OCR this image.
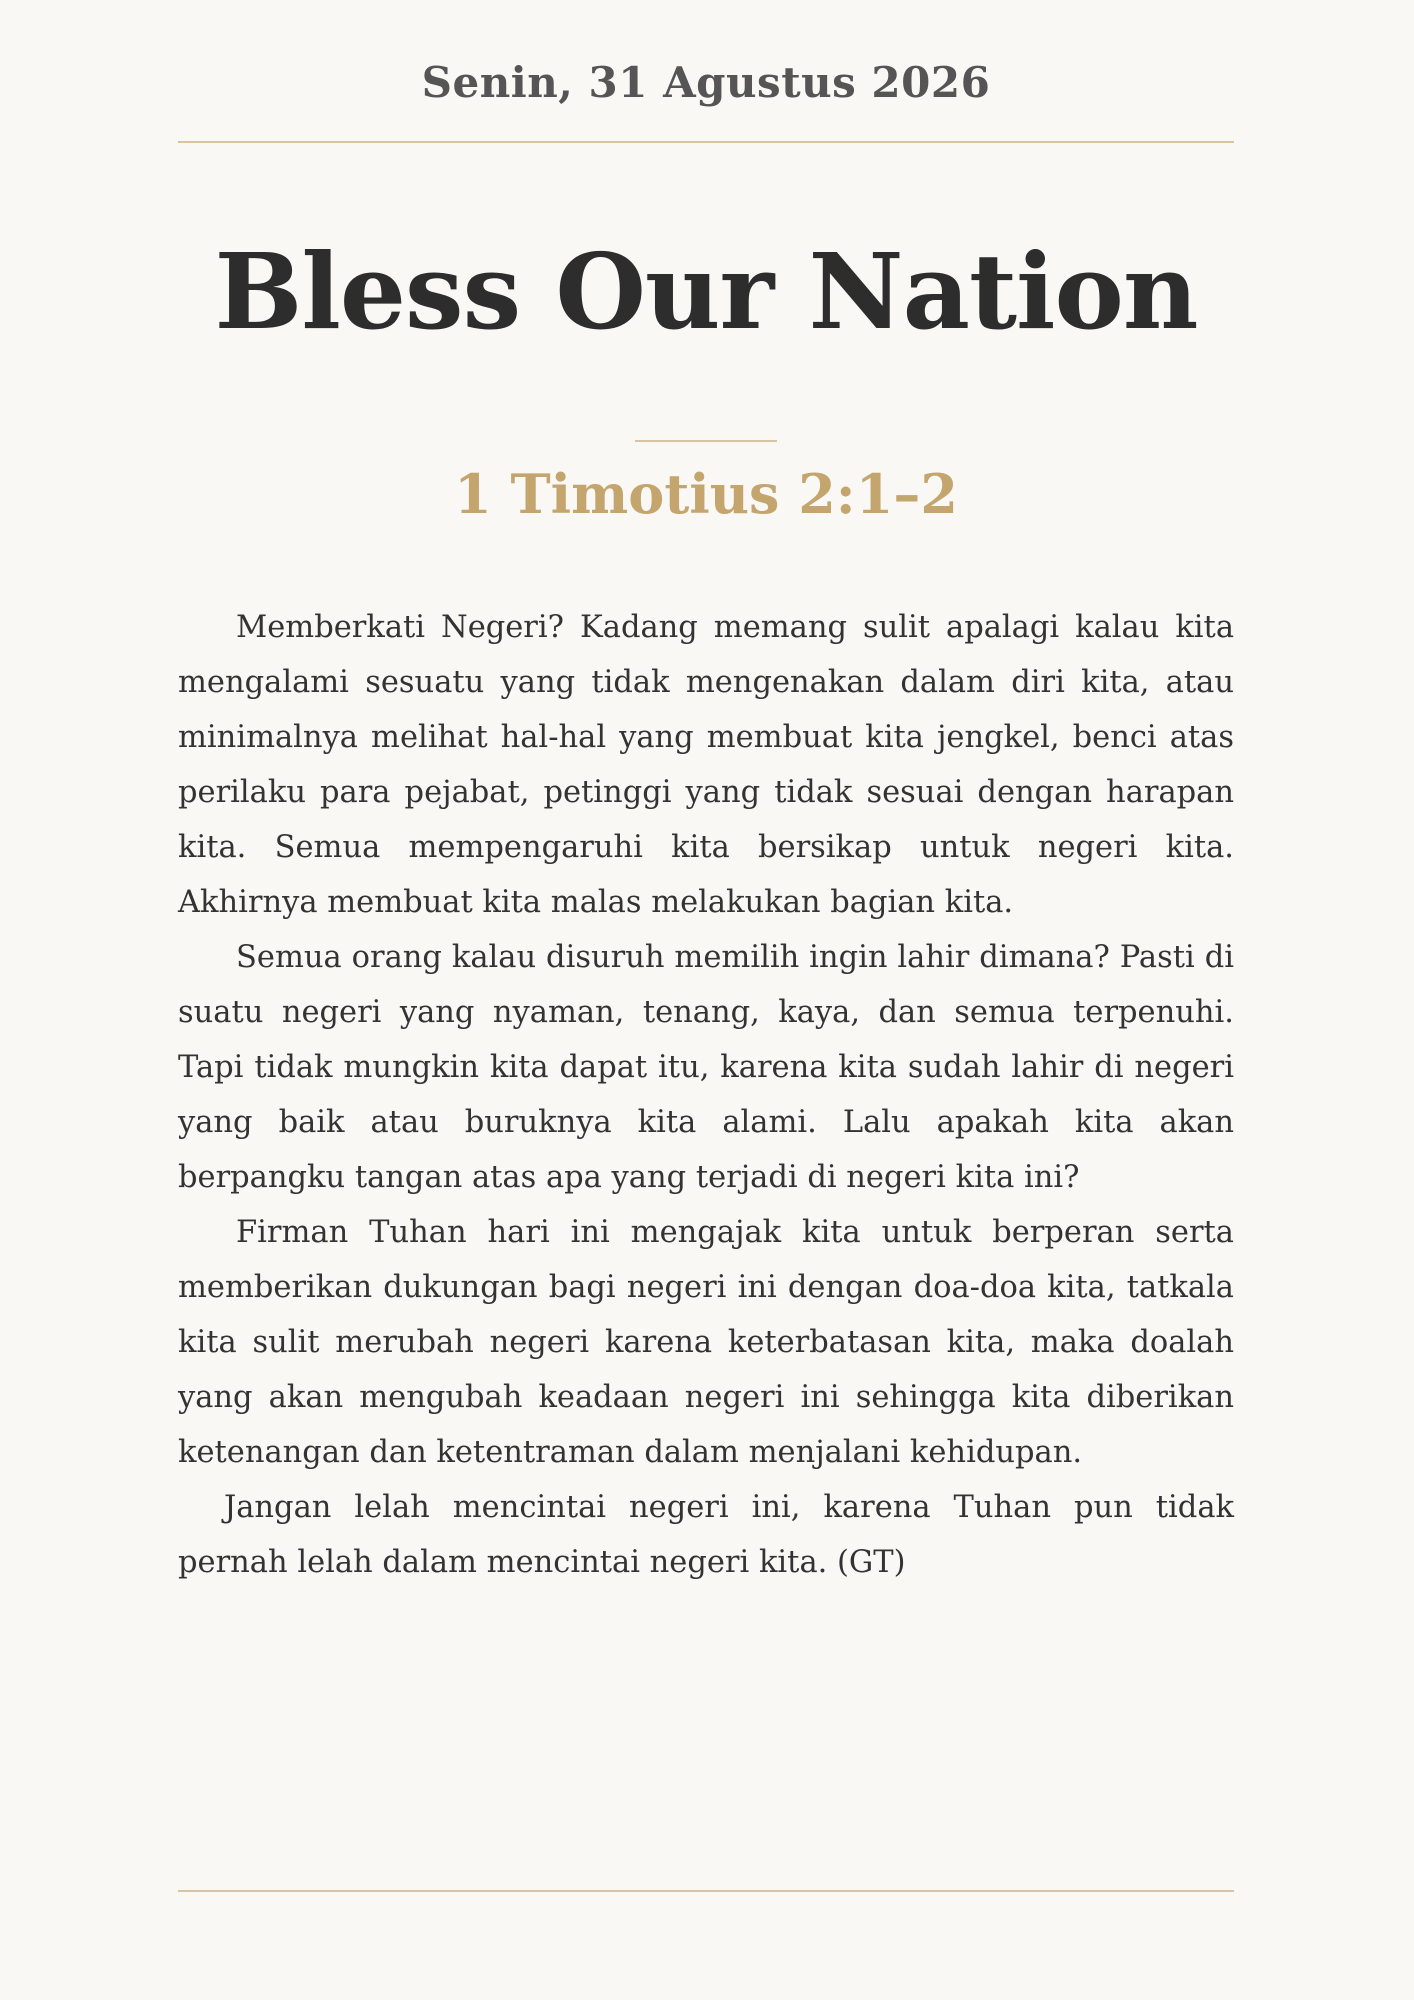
Senin, 31 Agustus 2026
Bless Our Nation
1 Timotius 2:1–2

Memberkati Negeri? Kadang memang sulit apalagi kalau kita mengalami sesuatu yang tidak mengenakan dalam diri kita, atau minimalnya melihat hal-hal yang membuat kita jengkel, benci atas perilaku para pejabat, petinggi yang tidak sesuai dengan harapan kita. Semua mempengaruhi kita bersikap untuk negeri kita. Akhirnya membuat kita malas melakukan bagian kita.

Semua orang kalau disuruh memilih ingin lahir dimana? Pasti di suatu negeri yang nyaman, tenang, kaya, dan semua terpenuhi. Tapi tidak mungkin kita dapat itu, karena kita sudah lahir di negeri yang baik atau buruknya kita alami. Lalu apakah kita akan berpangku tangan atas apa yang terjadi di negeri kita ini?

Firman Tuhan hari ini mengajak kita untuk berperan serta memberikan dukungan bagi negeri ini dengan doa-doa kita, tatkala kita sulit merubah negeri karena keterbatasan kita, maka doalah yang akan mengubah keadaan negeri ini sehingga kita diberikan ketenangan dan ketentraman dalam menjalani kehidupan.

Jangan lelah mencintai negeri ini, karena Tuhan pun tidak pernah lelah dalam mencintai negeri kita. (GT)
